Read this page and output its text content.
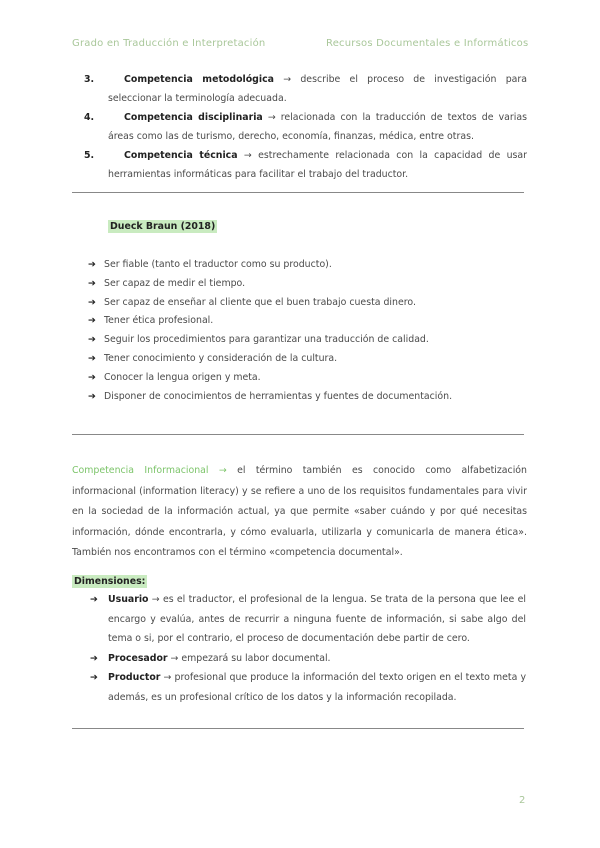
Grado en Traducción e Interpretación	Recursos Documentales e Informáticos
3.	Competencia metodológica → describe el proceso de investigación para seleccionar la terminología adecuada.
4.	Competencia disciplinaria → relacionada con la traducción de textos de varias áreas como las de turismo, derecho, economía, finanzas, médica, entre otras.
5.	Competencia técnica → estrechamente relacionada con la capacidad de usar herramientas informáticas para facilitar el trabajo del traductor.
Dueck Braun (2018)
➔ Ser fiable (tanto el traductor como su producto).
➔ Ser capaz de medir el tiempo.
➔ Ser capaz de enseñar al cliente que el buen trabajo cuesta dinero.
➔ Tener ética profesional.
➔ Seguir los procedimientos para garantizar una traducción de calidad.
➔ Tener conocimiento y consideración de la cultura.
➔ Conocer la lengua origen y meta.
➔ Disponer de conocimientos de herramientas y fuentes de documentación.
Competencia Informacional → el término también es conocido como alfabetización informacional (information literacy) y se refiere a uno de los requisitos fundamentales para vivir en la sociedad de la información actual, ya que permite «saber cuándo y por qué necesitas información, dónde encontrarla, y cómo evaluarla, utilizarla y comunicarla de manera ética». También nos encontramos con el término «competencia documental».
Dimensiones:
➔	Usuario → es el traductor, el profesional de la lengua. Se trata de la persona que lee el encargo y evalúa, antes de recurrir a ninguna fuente de información, si sabe algo del tema o si, por el contrario, el proceso de documentación debe partir de cero.
➔	Procesador → empezará su labor documental.
➔	Productor → profesional que produce la información del texto origen en el texto meta y además, es un profesional crítico de los datos y la información recopilada.
2
